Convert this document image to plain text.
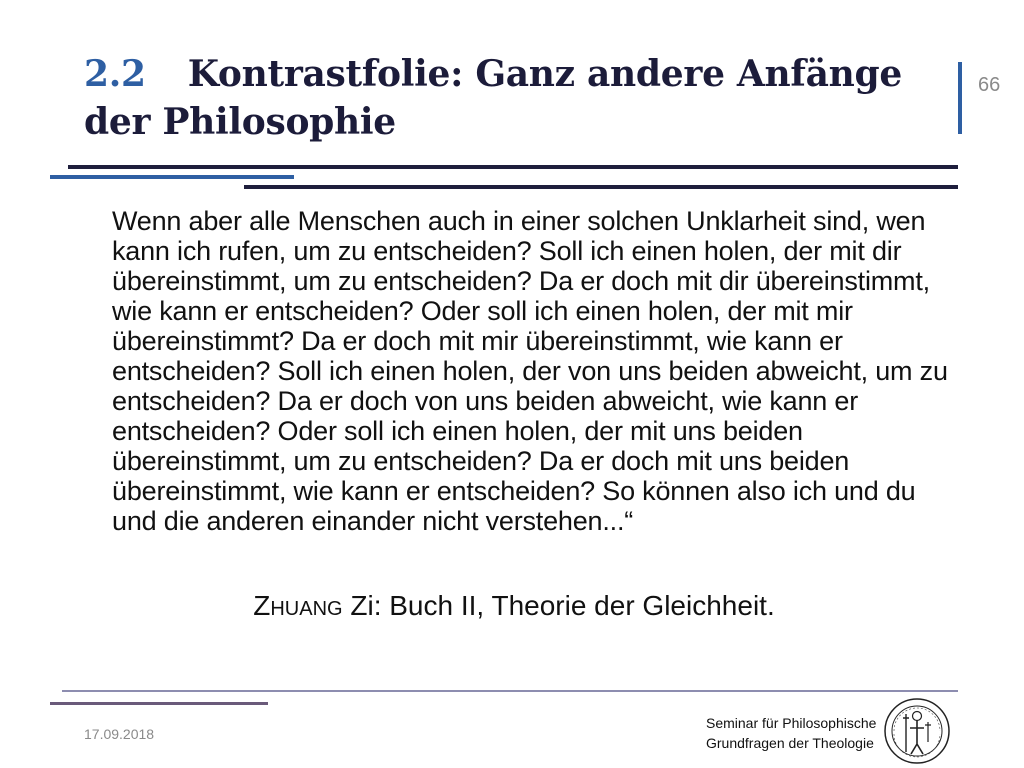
2.2 Kontrastfolie: Ganz andere Anfänge der Philosophie
66
Wenn aber alle Menschen auch in einer solchen Unklarheit sind, wen kann ich rufen, um zu entscheiden? Soll ich einen holen, der mit dir übereinstimmt, um zu entscheiden? Da er doch mit dir übereinstimmt, wie kann er entscheiden? Oder soll ich einen holen, der mit mir übereinstimmt? Da er doch mit mir übereinstimmt, wie kann er entscheiden? Soll ich einen holen, der von uns beiden abweicht, um zu entscheiden? Da er doch von uns beiden abweicht, wie kann er entscheiden? Oder soll ich einen holen, der mit uns beiden übereinstimmt, um zu entscheiden? Da er doch mit uns beiden übereinstimmt, wie kann er entscheiden? So können also ich und du und die anderen einander nicht verstehen...“
Zhuang Zi: Buch II, Theorie der Gleichheit.
17.09.2018
Seminar für Philosophische
Grundfragen der Theologie
